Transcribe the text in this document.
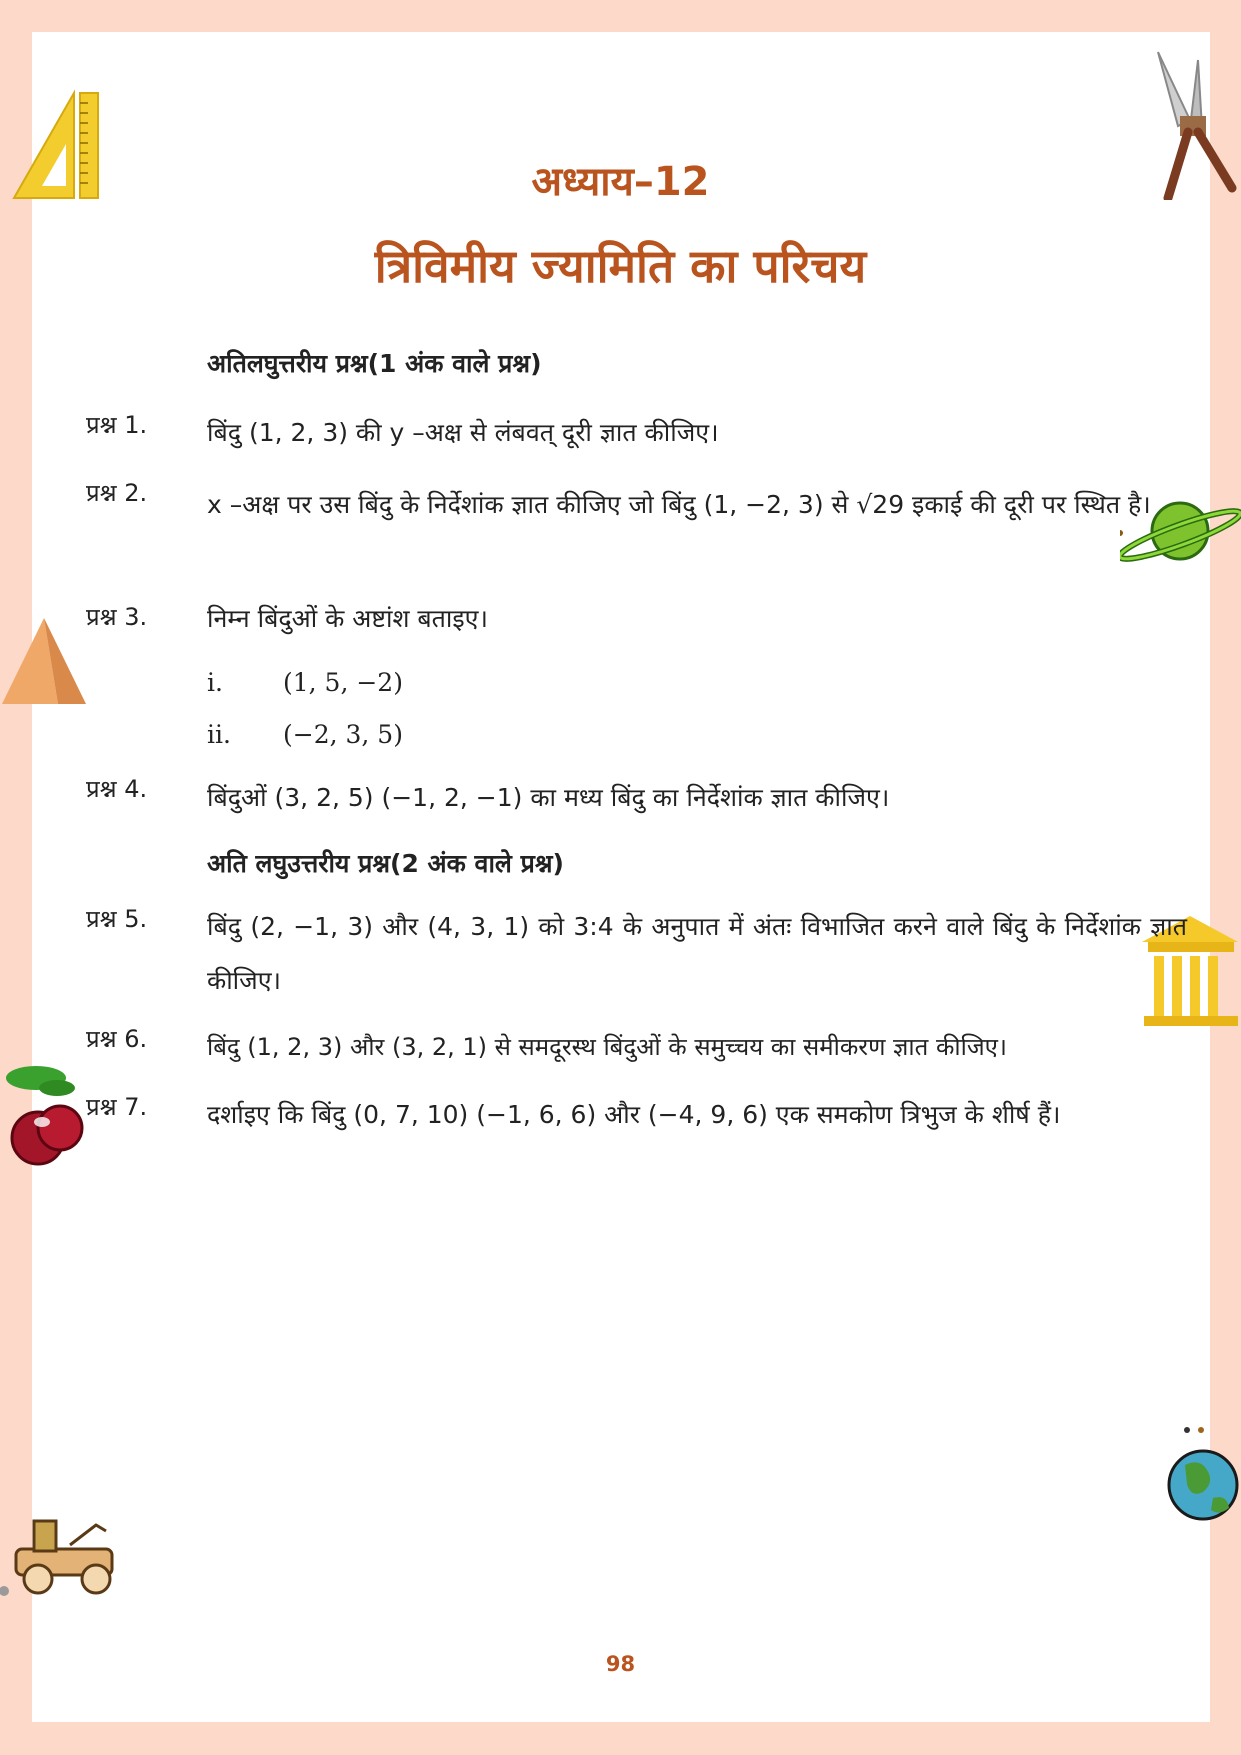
अध्याय–12
त्रिविमीय ज्यामिति का परिचय
अतिलघुत्तरीय प्रश्न(1 अंक वाले प्रश्न)
प्रश्न 1. बिंदु (1, 2, 3) की y –अक्ष से लंबवत् दूरी ज्ञात कीजिए।
प्रश्न 2. x –अक्ष पर उस बिंदु के निर्देशांक ज्ञात कीजिए जो बिंदु (1, −2, 3) से √29 इकाई की दूरी पर स्थित है।
प्रश्न 3. निम्न बिंदुओं के अष्टांश बताइए।
i. (1, 5, −2)
ii. (−2, 3, 5)
प्रश्न 4. बिंदुओं (3, 2, 5) (−1, 2, −1) का मध्य बिंदु का निर्देशांक ज्ञात कीजिए।
अति लघुउत्तरीय प्रश्न(2 अंक वाले प्रश्न)
प्रश्न 5. बिंदु (2, −1, 3) और (4, 3, 1) को 3:4 के अनुपात में अंतः विभाजित करने वाले बिंदु के निर्देशांक ज्ञात कीजिए।
प्रश्न 6. बिंदु (1, 2, 3) और (3, 2, 1) से समदूरस्थ बिंदुओं के समुच्चय का समीकरण ज्ञात कीजिए।
प्रश्न 7. दर्शाइए कि बिंदु (0, 7, 10) (−1, 6, 6) और (−4, 9, 6) एक समकोण त्रिभुज के शीर्ष हैं।
98
